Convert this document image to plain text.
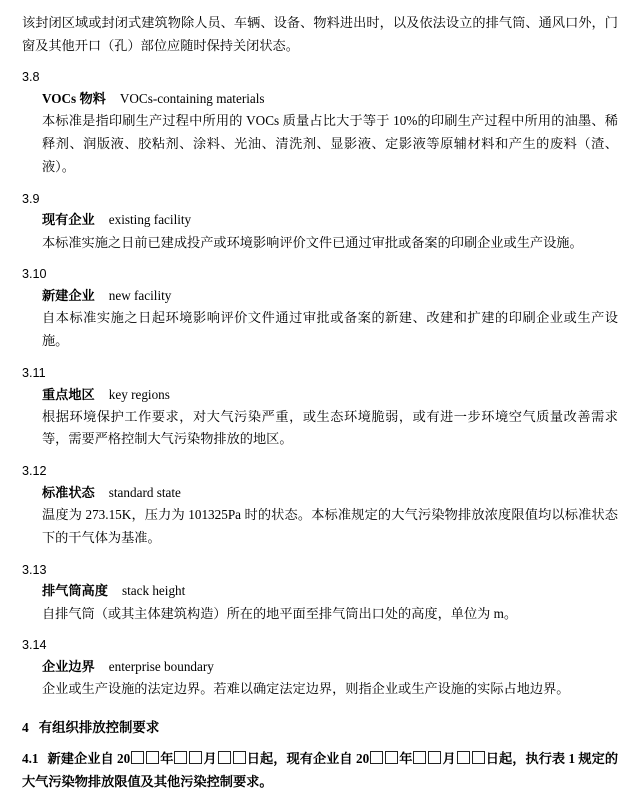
该封闭区域或封闭式建筑物除人员、车辆、设备、物料进出时，以及依法设立的排气筒、通风口外，门窗及其他开口（孔）部位应随时保持关闭状态。

3.8
VOCs 物料 VOCs-containing materials

本标准是指印刷生产过程中所用的 VOCs 质量占比大于等于 10%的印刷生产过程中所用的油墨、稀释剂、润版液、胶粘剂、涂料、光油、清洗剂、显影液、定影液等原辅材料和产生的废料（渣、液）。

3.9
现有企业 existing facility

本标准实施之日前已建成投产或环境影响评价文件已通过审批或备案的印刷企业或生产设施。

3.10
新建企业 new facility

自本标准实施之日起环境影响评价文件通过审批或备案的新建、改建和扩建的印刷企业或生产设施。

3.11
重点地区 key regions

根据环境保护工作要求，对大气污染严重，或生态环境脆弱，或有进一步环境空气质量改善需求等，需要严格控制大气污染物排放的地区。

3.12
标准状态 standard state

温度为 273.15K，压力为 101325Pa 时的状态。本标准规定的大气污染物排放浓度限值均以标准状态下的干气体为基准。

3.13
排气筒高度 stack height

自排气筒（或其主体建筑构造）所在的地平面至排气筒出口处的高度，单位为 m。

3.14
企业边界 enterprise boundary

企业或生产设施的法定边界。若难以确定法定边界，则指企业或生产设施的实际占地边界。

4 有组织排放控制要求

4.1 新建企业自 20 年 月 日起，现有企业自 20 年 月 日起，执行表 1 规定的大气污染物排放限值及其他污染控制要求。
